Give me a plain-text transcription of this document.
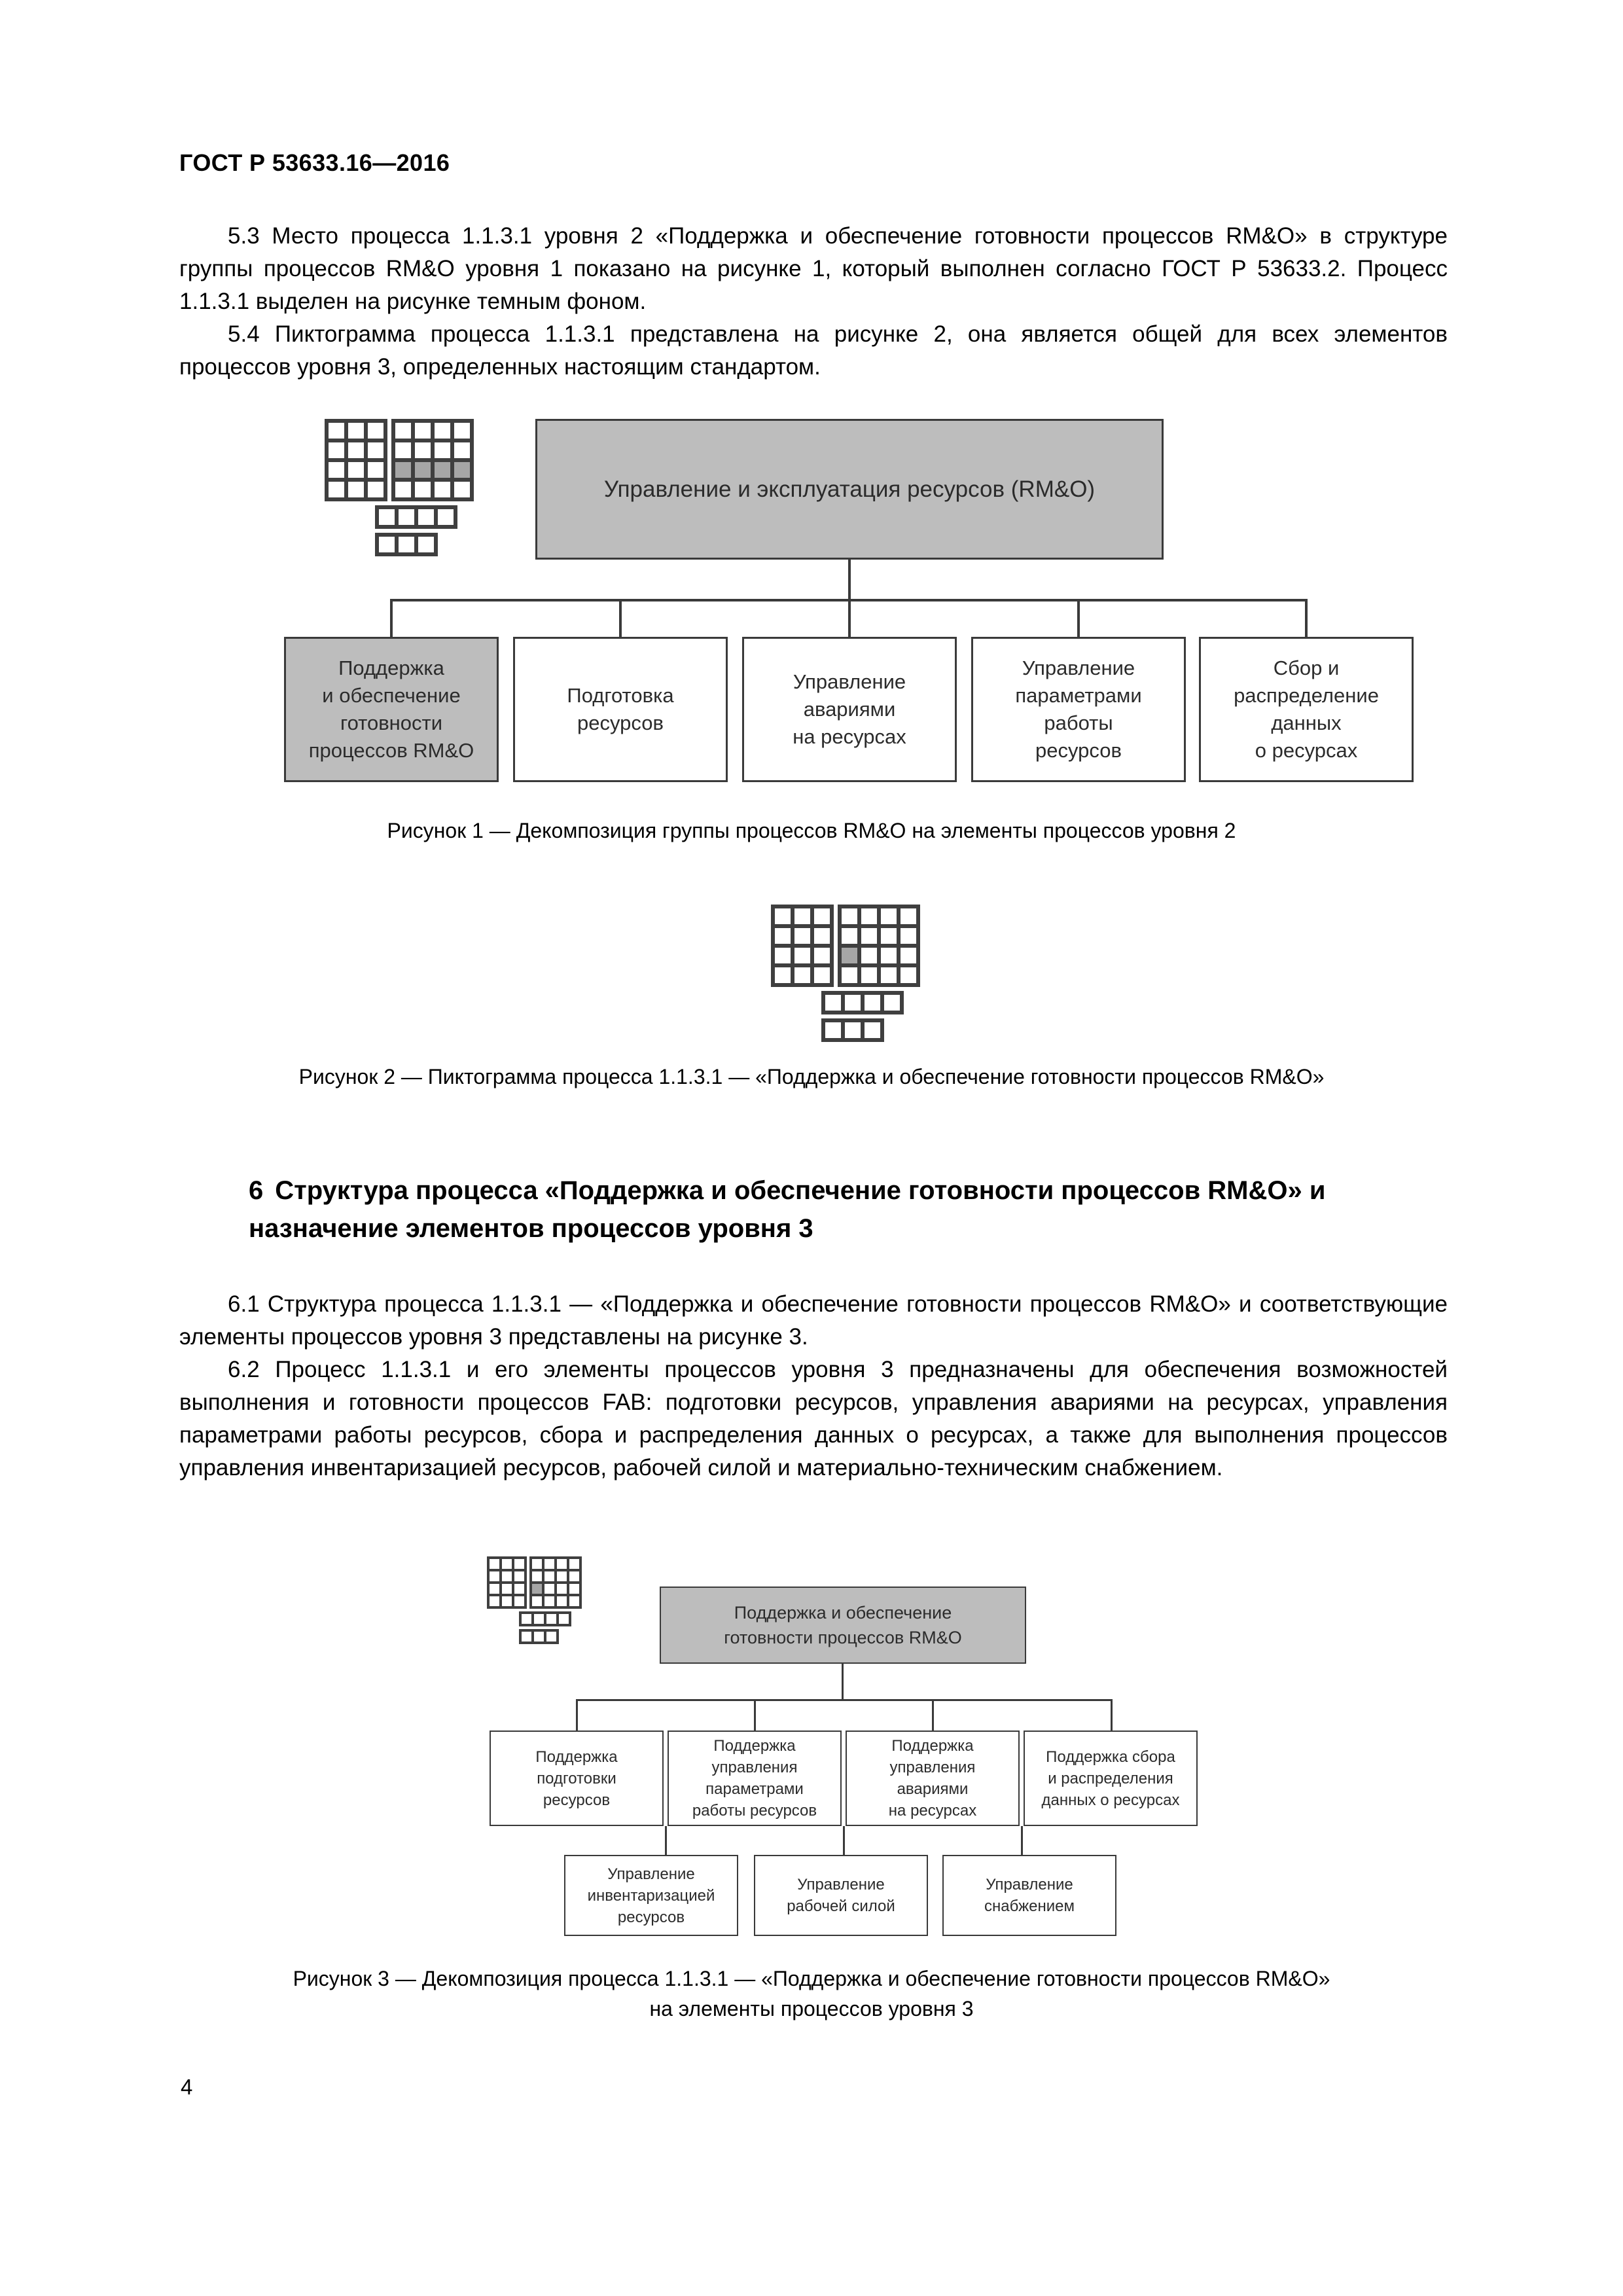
ГОСТ Р 53633.16—2016

5.3 Место процесса 1.1.3.1 уровня 2 «Поддержка и обеспечение готовности процессов RM&O» в структуре группы процессов RM&O уровня 1 показано на рисунке 1, который выполнен согласно ГОСТ Р 53633.2. Процесс 1.1.3.1 выделен на рисунке темным фоном.

5.4 Пиктограмма процесса 1.1.3.1 представлена на рисунке 2, она является общей для всех элементов процессов уровня 3, определенных настоящим стандартом.

Управление и эксплуатация ресурсов (RM&O)
Поддержка
и обеспечение
готовности
процессов RM&O
Подготовка
ресурсов
Управление
авариями
на ресурсах
Управление
параметрами
работы
ресурсов
Сбор и
распределение
данных
о ресурсах
Рисунок 1 — Декомпозиция группы процессов RM&O на элементы процессов уровня 2
Рисунок 2 — Пиктограмма процесса 1.1.3.1 — «Поддержка и обеспечение готовности процессов RM&O»
6 Структура процесса «Поддержка и обеспечение готовности процессов RM&O» и назначение элементов процессов уровня 3

6.1 Структура процесса 1.1.3.1 — «Поддержка и обеспечение готовности процессов RM&O» и соответствующие элементы процессов уровня 3 представлены на рисунке 3.

6.2 Процесс 1.1.3.1 и его элементы процессов уровня 3 предназначены для обеспечения возможностей выполнения и готовности процессов FAB: подготовки ресурсов, управления авариями на ресурсах, управления параметрами работы ресурсов, сбора и распределения данных о ресурсах, а также для выполнения процессов управления инвентаризацией ресурсов, рабочей силой и материально-техническим снабжением.

Поддержка и обеспечение
готовности процессов RM&O
Поддержка
подготовки
ресурсов
Поддержка
управления
параметрами
работы ресурсов
Поддержка
управления
авариями
на ресурсах
Поддержка сбора
и распределения
данных о ресурсах
Управление
инвентаризацией
ресурсов
Управление
рабочей силой
Управление
снабжением
Рисунок 3 — Декомпозиция процесса 1.1.3.1 — «Поддержка и обеспечение готовности процессов RM&O»
на элементы процессов уровня 3
4
